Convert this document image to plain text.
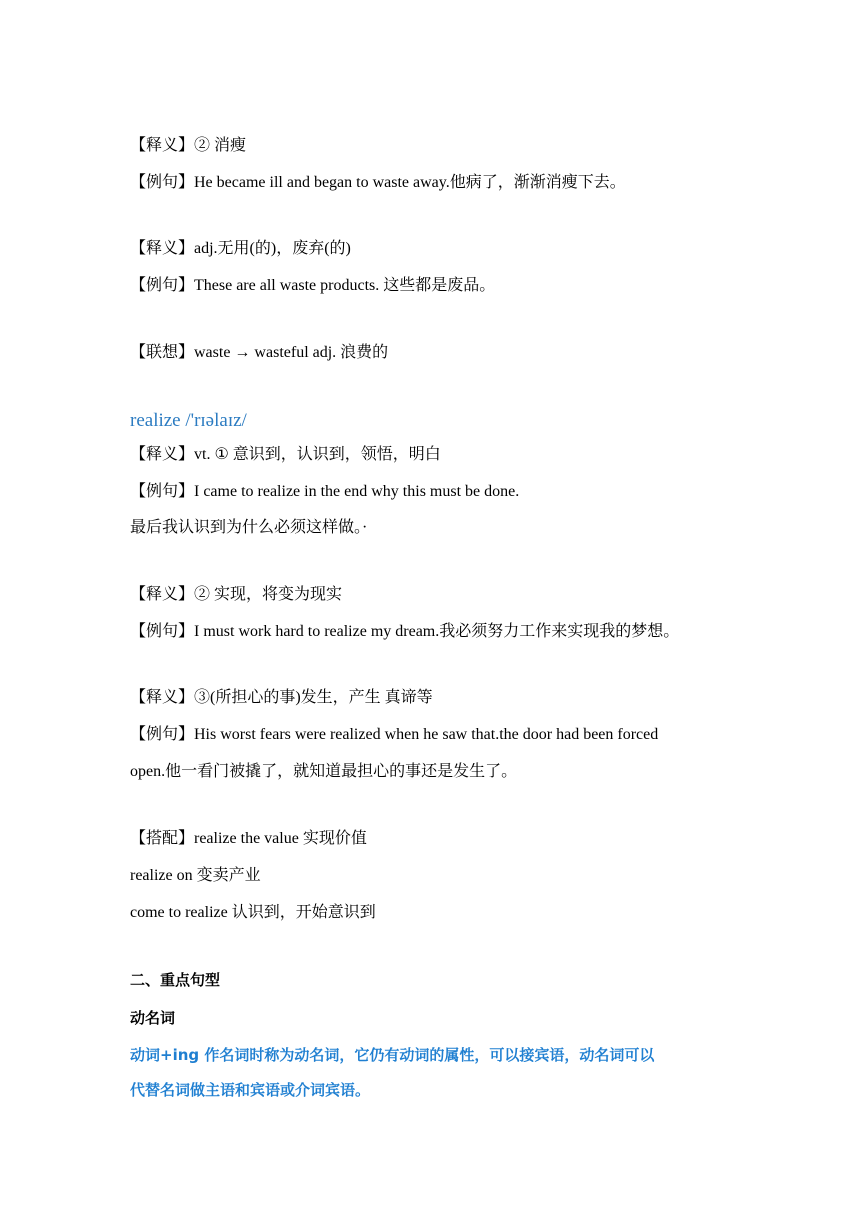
【释义】② 消瘦
【例句】He became ill and began to waste away.他病了，渐渐消瘦下去。
【释义】adj.无用(的)，废弃(的)
【例句】These are all waste products. 这些都是废品。
【联想】waste → wasteful adj. 浪费的
realize /'rɪəlaɪz/
【释义】vt. ① 意识到，认识到，领悟，明白
【例句】I came to realize in the end why this must be done.
最后我认识到为什么必须这样做。·
【释义】② 实现，将变为现实
【例句】I must work hard to realize my dream.我必须努力工作来实现我的梦想。
【释义】③(所担心的事)发生，产生 真谛等
【例句】His worst fears were realized when he saw that.the door had been forced
open.他一看门被撬了，就知道最担心的事还是发生了。
【搭配】realize the value 实现价值
realize on 变卖产业
come to realize 认识到，开始意识到
二、重点句型
动名词
动词+ing 作名词时称为动名词，它仍有动词的属性，可以接宾语，动名词可以
代替名词做主语和宾语或介词宾语。
